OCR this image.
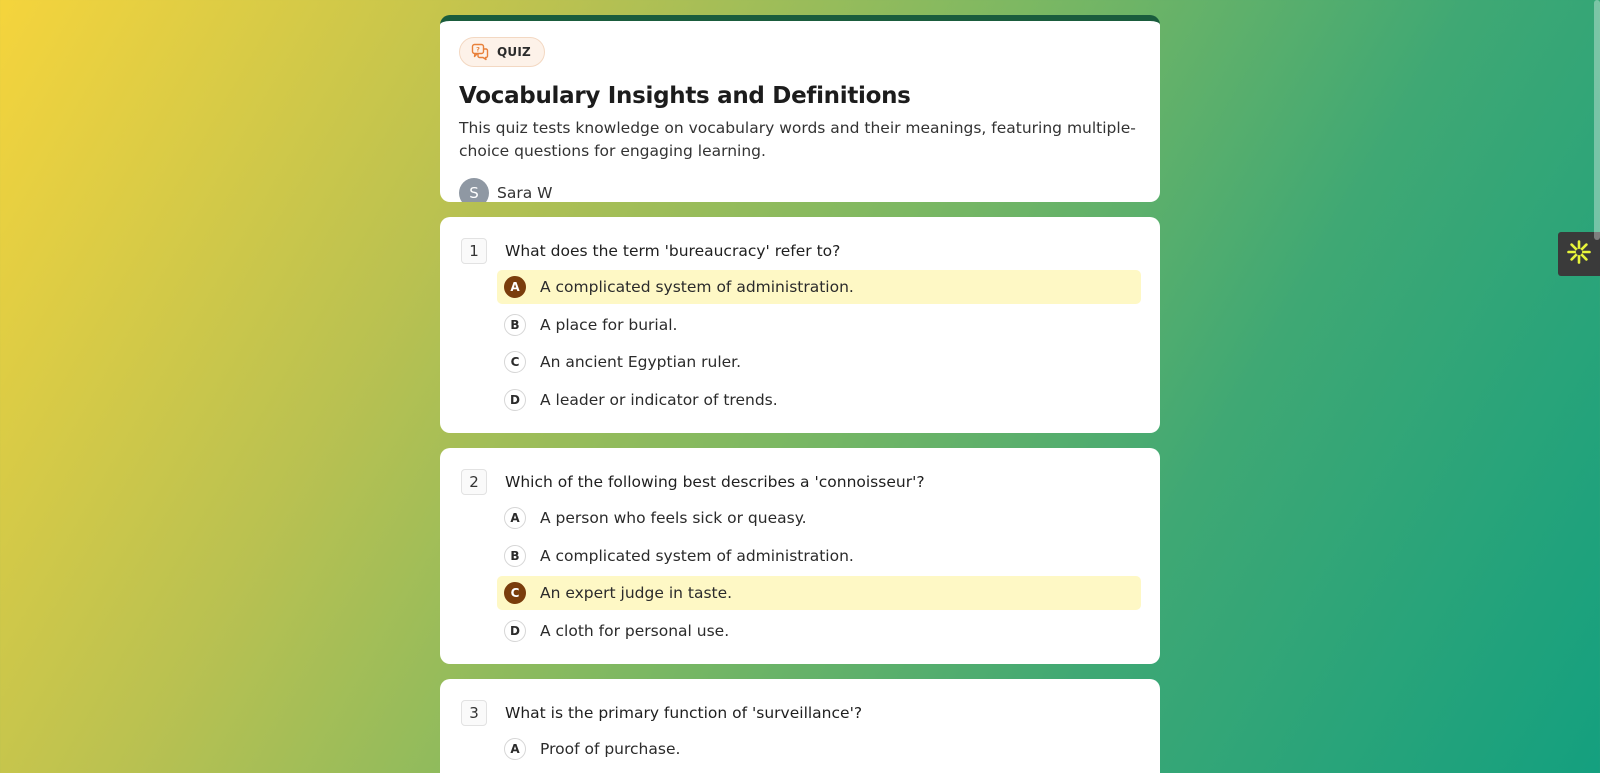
? QUIZ
Vocabulary Insights and Definitions

This quiz tests knowledge on vocabulary words and their meanings, featuring multiple-choice questions for engaging learning.

S	Sara W
1	What does the term 'bureaucracy' refer to?
A	A complicated system of administration.
B	A place for burial.
C	An ancient Egyptian ruler.
D	A leader or indicator of trends.
2	Which of the following best describes a 'connoisseur'?
A	A person who feels sick or queasy.
B	A complicated system of administration.
C	An expert judge in taste.
D	A cloth for personal use.
3	What is the primary function of 'surveillance'?
A	Proof of purchase.
